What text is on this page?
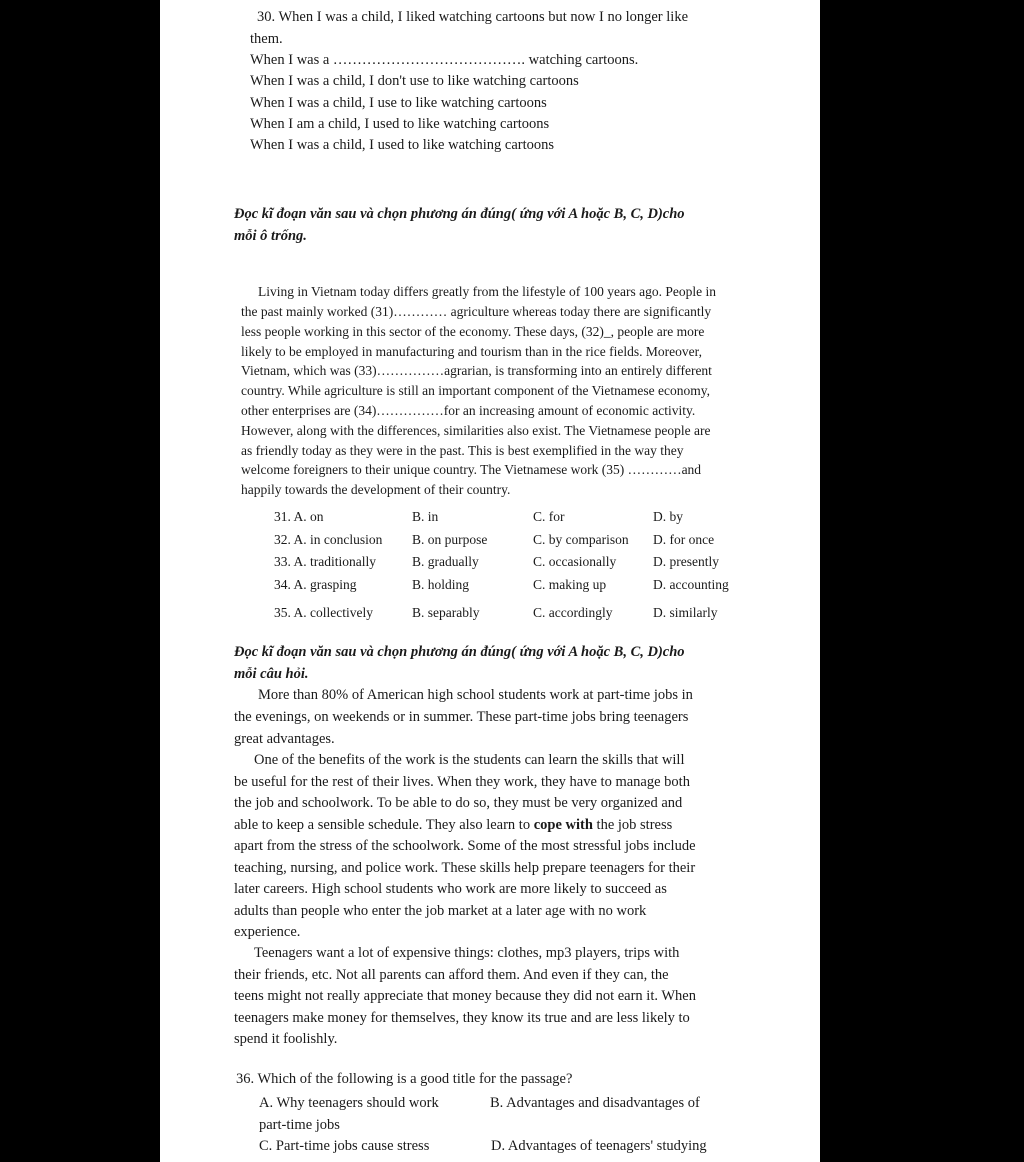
30. When I was a child, I liked watching cartoons but now I no longer like
them.
When I was a …………………………………. watching cartoons.
When I was a child, I don't use to like watching cartoons
When I was a child, I use to like watching cartoons
When I am a child, I used to like watching cartoons
When I was a child, I used to like watching cartoons
Đọc kĩ đoạn văn sau và chọn phương án đúng( ứng với A hoặc B, C, D)cho
mỗi ô trống.
Living in Vietnam today differs greatly from the lifestyle of 100 years ago. People in
the past mainly worked (31)………… agriculture whereas today there are significantly
less people working in this sector of the economy. These days, (32)_, people are more
likely to be employed in manufacturing and tourism than in the rice fields. Moreover,
Vietnam, which was (33)……………agrarian, is transforming into an entirely different
country. While agriculture is still an important component of the Vietnamese economy,
other enterprises are (34)……………for an increasing amount of economic activity.
However, along with the differences, similarities also exist. The Vietnamese people are
as friendly today as they were in the past. This is best exemplified in the way they
welcome foreigners to their unique country. The Vietnamese work (35) …………and
happily towards the development of their country.
31. A. on	B. in	C. for	D. by
32. A. in conclusion B. on purpose	C. by comparison D. for once
33. A. traditionally	B. gradually	C. occasionally	D. presently
34. A. grasping	B. holding	C. making up	D. accounting
35. A. collectively	B. separably	C. accordingly	D. similarly
Đọc kĩ đoạn văn sau và chọn phương án đúng( ứng với A hoặc B, C, D)cho
mỗi câu hỏi.
More than 80% of American high school students work at part-time jobs in
the evenings, on weekends or in summer. These part-time jobs bring teenagers
great advantages.
One of the benefits of the work is the students can learn the skills that will
be useful for the rest of their lives. When they work, they have to manage both
the job and schoolwork. To be able to do so, they must be very organized and
able to keep a sensible schedule. They also learn to cope with the job stress
apart from the stress of the schoolwork. Some of the most stressful jobs include
teaching, nursing, and police work. These skills help prepare teenagers for their
later careers. High school students who work are more likely to succeed as
adults than people who enter the job market at a later age with no work
experience.
Teenagers want a lot of expensive things: clothes, mp3 players, trips with
their friends, etc. Not all parents can afford them. And even if they can, the
teens might not really appreciate that money because they did not earn it. When
teenagers make money for themselves, they know its true and are less likely to
spend it foolishly.
36. Which of the following is a good title for the passage?
A. Why teenagers should work	B. Advantages and disadvantages of
part-time jobs
C. Part-time jobs cause stress	D. Advantages of teenagers' studying
